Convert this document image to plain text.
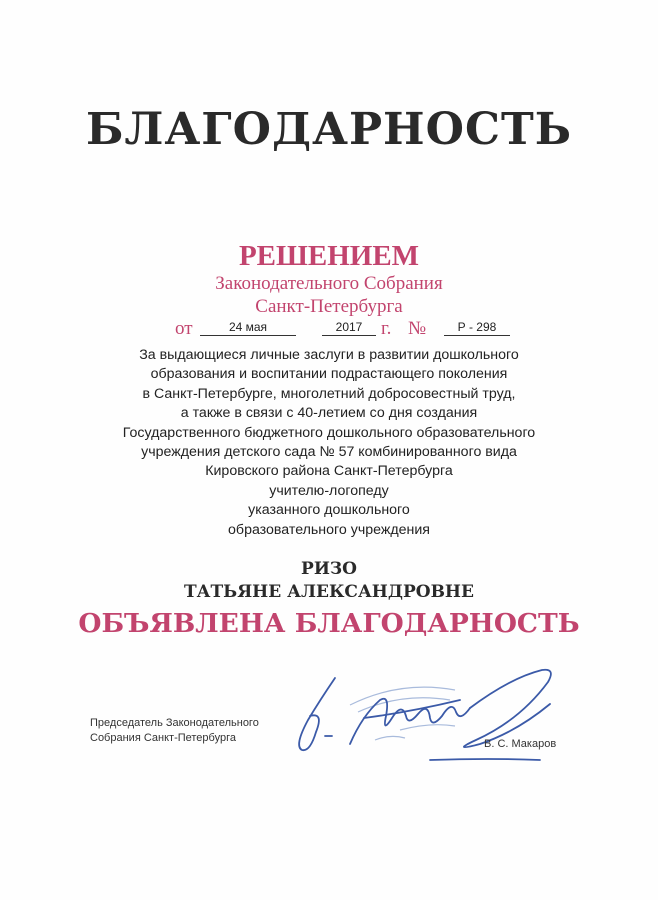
БЛАГОДАРНОСТЬ
РЕШЕНИЕМ
Законодательного Собрания
Санкт-Петербурга
от	24 мая	2017 г. №	Р - 298
За выдающиеся личные заслуги в развитии дошкольного
образования и воспитании подрастающего поколения
в Санкт-Петербурге, многолетний добросовестный труд,
а также в связи с 40-летием со дня создания
Государственного бюджетного дошкольного образовательного
учреждения детского сада № 57 комбинированного вида
Кировского района Санкт-Петербурга
учителю-логопеду
указанного дошкольного
образовательного учреждения
РИЗО
ТАТЬЯНЕ АЛЕКСАНДРОВНЕ
ОБЪЯВЛЕНА БЛАГОДАРНОСТЬ
Председатель Законодательного
Собрания Санкт-Петербурга
В. С. Макаров
